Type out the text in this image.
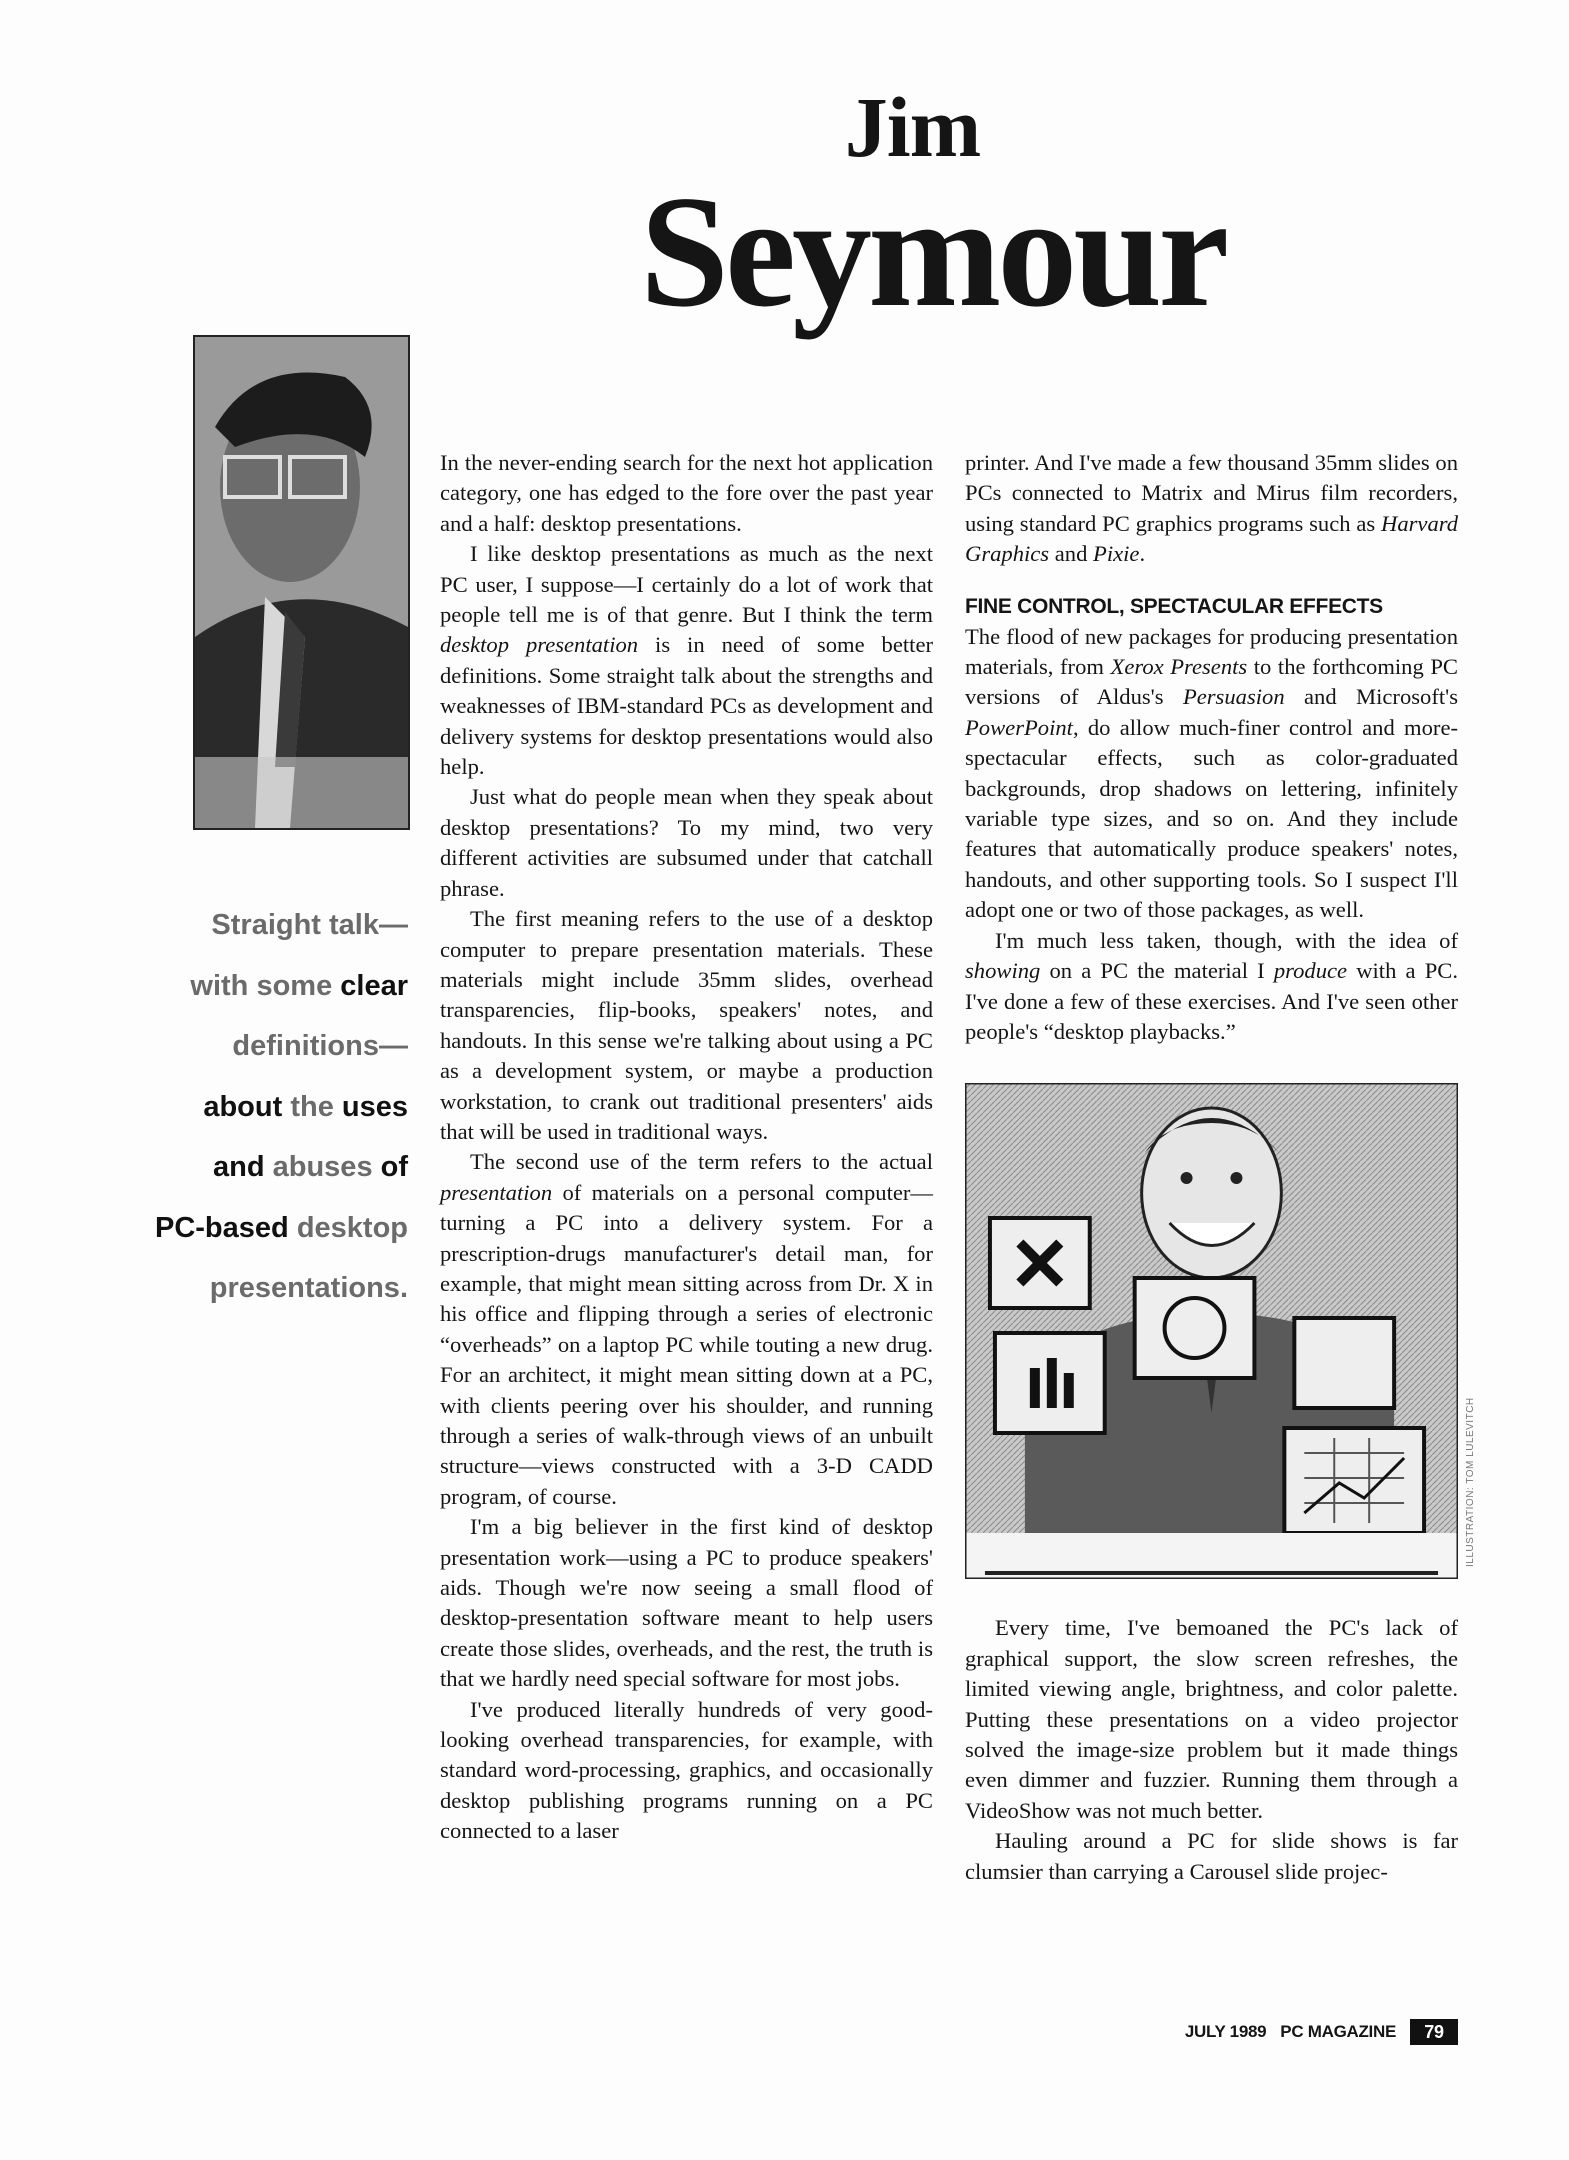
Jim
Seymour
Straight talk—
with some clear
definitions—
about the uses
and abuses of
PC-based desktop
presentations.

In the never-ending search for the next hot application category, one has edged to the fore over the past year and a half: desktop presentations.

I like desktop presentations as much as the next PC user, I suppose—I certainly do a lot of work that people tell me is of that genre. But I think the term desktop presentation is in need of some better definitions. Some straight talk about the strengths and weaknesses of IBM-standard PCs as development and delivery systems for desktop presentations would also help.

Just what do people mean when they speak about desktop presentations? To my mind, two very different activities are subsumed under that catchall phrase.

The first meaning refers to the use of a desktop computer to prepare presentation materials. These materials might include 35mm slides, overhead transparencies, flip-books, speakers' notes, and handouts. In this sense we're talking about using a PC as a development system, or maybe a production workstation, to crank out traditional presenters' aids that will be used in traditional ways.

The second use of the term refers to the actual presentation of materials on a personal computer—turning a PC into a delivery system. For a prescription-drugs manufacturer's detail man, for example, that might mean sitting across from Dr. X in his office and flipping through a series of electronic “overheads” on a laptop PC while touting a new drug. For an architect, it might mean sitting down at a PC, with clients peering over his shoulder, and running through a series of walk-through views of an unbuilt structure—views constructed with a 3-D CADD program, of course.

I'm a big believer in the first kind of desktop presentation work—using a PC to produce speakers' aids. Though we're now seeing a small flood of desktop-presentation software meant to help users create those slides, overheads, and the rest, the truth is that we hardly need special software for most jobs.

I've produced literally hundreds of very good-looking overhead transparencies, for example, with standard word-processing, graphics, and occasionally desktop publishing programs running on a PC connected to a laser

printer. And I've made a few thousand 35mm slides on PCs connected to Matrix and Mirus film recorders, using standard PC graphics programs such as Harvard Graphics and Pixie.

FINE CONTROL, SPECTACULAR EFFECTS

The flood of new packages for producing presentation materials, from Xerox Presents to the forthcoming PC versions of Aldus's Persuasion and Microsoft's PowerPoint, do allow much-finer control and more-spectacular effects, such as color-graduated backgrounds, drop shadows on lettering, infinitely variable type sizes, and so on. And they include features that automatically produce speakers' notes, handouts, and other supporting tools. So I suspect I'll adopt one or two of those packages, as well.

I'm much less taken, though, with the idea of showing on a PC the material I produce with a PC. I've done a few of these exercises. And I've seen other people's “desktop playbacks.”

ILLUSTRATION: TOM LULEVITCH

Every time, I've bemoaned the PC's lack of graphical support, the slow screen refreshes, the limited viewing angle, brightness, and color palette. Putting these presentations on a video projector solved the image-size problem but it made things even dimmer and fuzzier. Running them through a VideoShow was not much better.

Hauling around a PC for slide shows is far clumsier than carrying a Carousel slide projec-

JULY 1989 PC MAGAZINE	79
